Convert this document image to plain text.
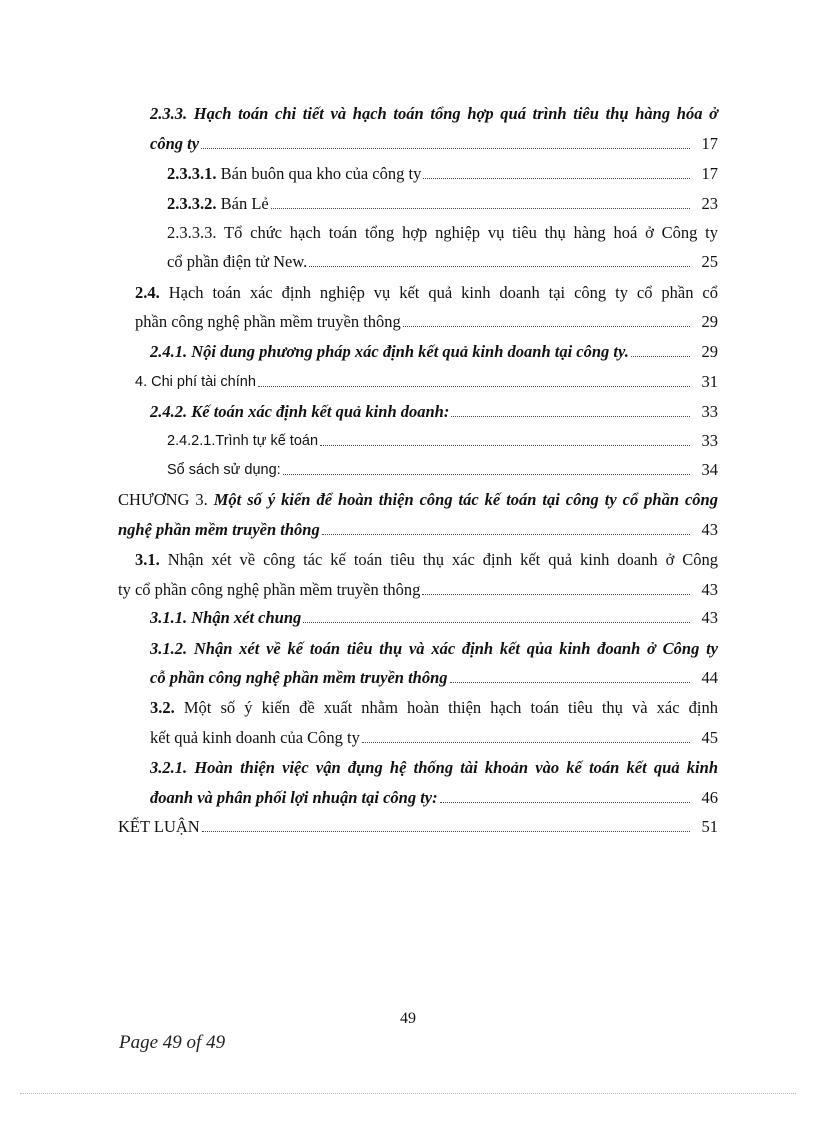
2.3.3. Hạch toán chi tiết và hạch toán tổng hợp quá trình tiêu thụ hàng hóa ở
công ty	17
2.3.3.1. Bán buôn qua kho của công ty	17
2.3.3.2. Bán Lẻ	23
2.3.3.3. Tổ chức hạch toán tổng hợp nghiệp vụ tiêu thụ hàng hoá ở Công ty
cổ phần điện tử New.	25
2.4. Hạch toán xác định nghiệp vụ kết quả kinh doanh tại công ty cổ phần cổ
phần công nghệ phần mềm truyền thông	29
2.4.1. Nội dung phương pháp xác định kết quả kinh doanh tại công ty.	29
4. Chi phí tài chính	31
2.4.2. Kế toán xác định kết quả kinh doanh:	33
2.4.2.1.Trình tự kế toán	33
Sổ sách sử dụng:	34
CHƯƠNG 3. Một số ý kiến để hoàn thiện công tác kế toán tại công ty cổ phần công
nghệ phần mềm truyền thông	43
3.1. Nhận xét về công tác kế toán tiêu thụ xác định kết quả kinh doanh ở Công
ty cổ phần công nghệ phần mềm truyền thông	43
3.1.1. Nhận xét chung	43
3.1.2. Nhận xét về kế toán tiêu thụ và xác định kết qủa kinh đoanh ở Công ty
cỗ phần công nghệ phần mềm truyền thông	44
3.2. Một số ý kiến đề xuất nhằm hoàn thiện hạch toán tiêu thụ và xác định
kết quả kinh doanh của Công ty	45
3.2.1. Hoàn thiện việc vận đụng hệ thống tài khoản vào kế toán kết quả kinh
đoanh và phân phối lợi nhuận tại công ty:	46
KẾT LUẬN	51
49
Page 49 of 49
